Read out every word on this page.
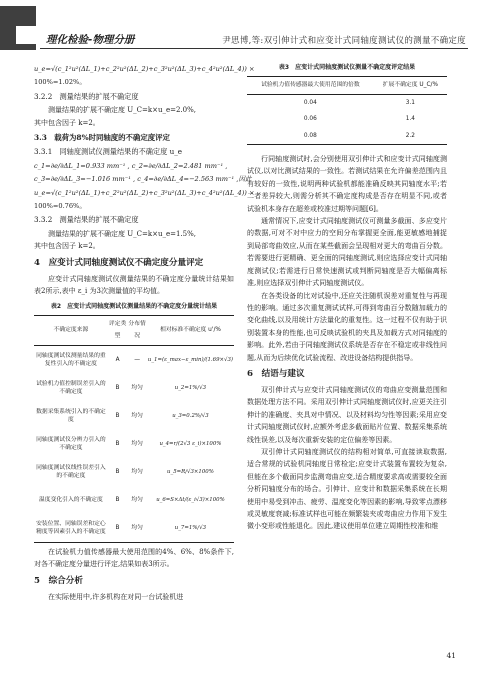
理化检验-物理分册	尹思博,等:双引伸计式和应变计式同轴度测试仪的测量不确定度
u_e=√(c_1²u²(ΔL_1)+c_2²u²(ΔL_2)+c_3²u²(ΔL_3)+c_4²u²(ΔL_4)) ×
100%=1.02%。
3.2.2　测量结果的扩展不确定度

测量结果的扩展不确定度 U_C=k×u_e=2.0%,

其中包含因子 k=2。

3.3　载荷为8%时同轴度的不确定度评定
3.3.1　同轴度测试仪测量结果的不确定度 u_e
c_1=∂e/∂ΔL_1=0.933 mm⁻¹ , c_2=∂e/∂ΔL_2=2.481 mm⁻¹ ,
c_3=∂e/∂ΔL_3=−1.016 mm⁻¹ , c_4=∂e/∂ΔL_4=−2.563 mm⁻¹ ,因此
u_e=√(c_1²u²(ΔL_1)+c_2²u²(ΔL_2)+c_3²u²(ΔL_3)+c_4²u²(ΔL_4)) ×
100%=0.76%。
3.3.2　测量结果的扩展不确定度

测量结果的扩展不确定度 U_C=k×u_e=1.5%,

其中包含因子 k=2。

4　应变计式同轴度测试仪不确定度分量评定

应变计式同轴度测试仪测量结果的不确定度分量统计结果如表2所示,表中 ε_i 为3次测量值的平均值。

表2　应变计式同轴度测试仪测量结果的不确定度分量统计结果
不确定度来源	评定类型	分布情况	相对标准不确定度 u'/%
同轴度测试仪测量结果的重复性引入的不确定度	A	—	u_1=(ε_max−ε_min)/(1.69×√3)
试验机力值控制误差引入的不确定度	B	均匀	u_2=1%/√3
数据采集系统引入的不确定度	B	均匀	u_3=0.2%/√3
同轴度测试仪分辨力引入的不确定度	B	均匀	u_4=r/(2√3 ε_i)×100%
同轴度测试仪线性误差引入的不确定度	B	均匀	u_5=R/√3×100%
温度变化引入的不确定度	B	均匀	u_6=S×Δt/(ε_i√3)×100%
安装位置、同轴误差和定心精度等因素引入的不确定度	B	均匀	u_7=1%/√3

在试验机力值传感器最大使用范围的4%、6%、8%条件下,对各不确定度分量进行评定,结果如表3所示。

5　综合分析

在实际使用中,许多机构在对同一台试验机进

表3　应变计式同轴度测试仪测量不确定度评定结果
试验机力值传感器最大使用范围的倍数	扩展不确定度 U_C/%
0.04	3.1
0.06	1.4
0.08	2.2

行同轴度测试时,会分别使用双引伸计式和应变计式同轴度测试仪,以对比测试结果的一致性。若测试结果在允许偏差范围内且有较好的一致性,说明两种试验机都能准确反映其同轴度水平;若二者差异较大,则需分析其不确定度构成是否存在明显不同,或者试验机本身存在超差或校准过期等问题[6]。

通常情况下,应变计式同轴度测试仪可测量多截面、多应变片的数据,可对不对中应力的空间分布掌握更全面,能更敏感地捕捉到局部弯曲效应,从而在某些截面会呈现相对更大的弯曲百分数。若需要进行更精确、更全面的同轴度测试,则应选择应变计式同轴度测试仪;若需进行日常快速测试或判断同轴度是否大幅偏离标准,则应选择双引伸计式同轴度测试仪。

在各类设备的比对试验中,还应关注随机误差对重复性与再现性的影响。通过多次重复测试试样,可得到弯曲百分数随加载力的变化曲线,以及用统计方法量化的重复性。这一过程不仅有助于识别装置本身的性能,也可反映试验机的夹具及加载方式对同轴度的影响。此外,若由于同轴度测试仪系统是否存在不稳定或非线性问题,从而为后续优化试验流程、改进设备结构提供指导。

6　结语与建议

双引伸计式与应变计式同轴度测试仪的弯曲应变测量范围和数据处理方法不同。采用双引伸计式同轴度测试仪时,应更关注引伸计的准确度、夹具对中情况、以及材料均匀性等因素;采用应变计式同轴度测试仪时,应额外考虑多截面贴片位置、数据采集系统线性误差,以及每次重新安装的定位偏差等因素。

双引伸计式同轴度测试仪的结构相对简单,可直接读取数据,适合常规的试验机同轴度日常检定;应变计式装置布置较为复杂,但能在多个截面同步监测弯曲应变,适合精度要求高或需要较全面分析同轴度分布的场合。引伸计、应变计和数据采集系统在长期使用中易受到冲击、疲劳、温度变化等因素的影响,导致零点漂移或灵敏度衰减;标准试样也可能在频繁装夹或弯曲应力作用下发生微小变形或性能退化。因此,建议使用单位建立周期性校准和维

41
